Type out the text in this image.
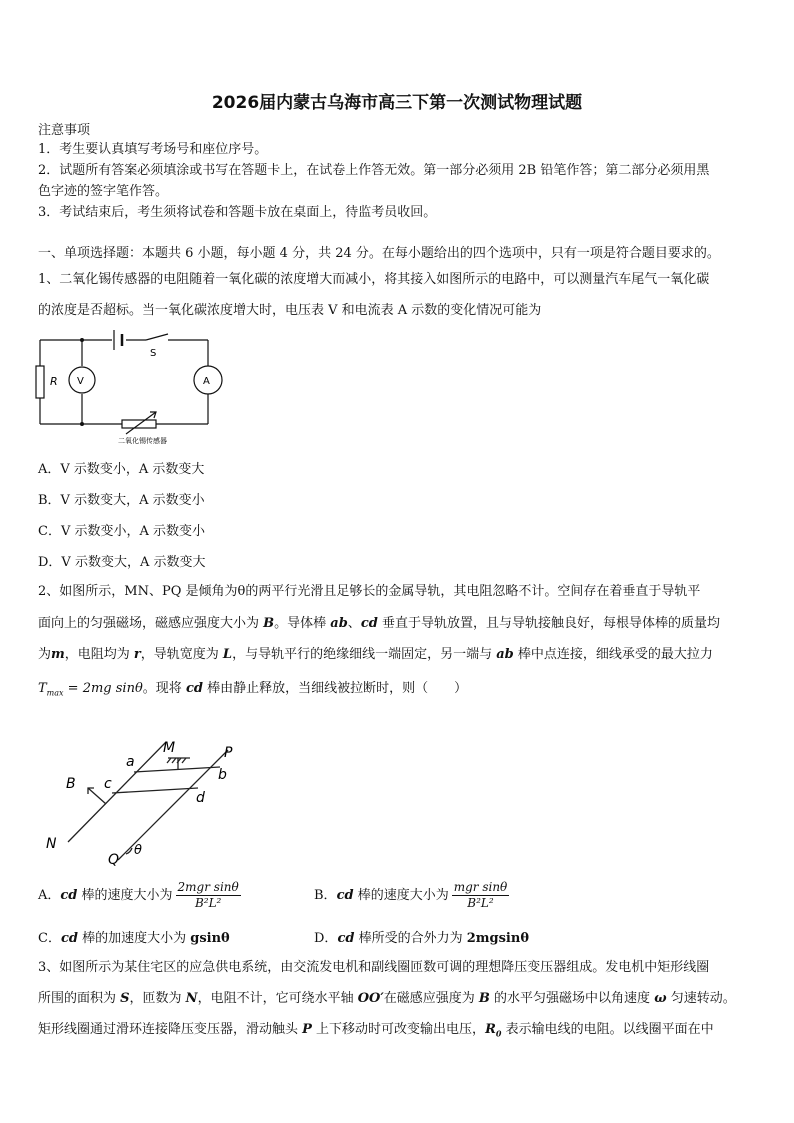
2026届内蒙古乌海市高三下第一次测试物理试题
注意事项
1．考生要认真填写考场号和座位序号。
2．试题所有答案必须填涂或书写在答题卡上，在试卷上作答无效。第一部分必须用 2B 铅笔作答；第二部分必须用黑
色字迹的签字笔作答。
3．考试结束后，考生须将试卷和答题卡放在桌面上，待监考员收回。
一、单项选择题：本题共 6 小题，每小题 4 分，共 24 分。在每小题给出的四个选项中，只有一项是符合题目要求的。
1、二氧化锡传感器的电阻随着一氧化碳的浓度增大而减小，将其接入如图所示的电路中，可以测量汽车尾气一氧化碳
的浓度是否超标。当一氧化碳浓度增大时，电压表 V 和电流表 A 示数的变化情况可能为
S
R V	A
二氧化锡传感器
A．V 示数变小，A 示数变大
B．V 示数变大，A 示数变小
C．V 示数变小，A 示数变小
D．V 示数变大，A 示数变大
2、如图所示，MN、PQ 是倾角为θ的两平行光滑且足够长的金属导轨，其电阻忽略不计。空间存在着垂直于导轨平
面向上的匀强磁场，磁感应强度大小为 B。导体棒 ab、cd 垂直于导轨放置，且与导轨接触良好，每根导体棒的质量均
为m，电阻均为 r，导轨宽度为 L，与导轨平行的绝缘细线一端固定，另一端与 ab 棒中点连接，细线承受的最大拉力
$T_{max} = 2mg$ sinθ。现将 cd 棒由静止释放，当细线被拉断时，则（　　）
M	P
a
b
c
d
B
N
Q
θ
A．cd 棒的速度大小为 $\frac{\text{2mgr sinθ}}{\text{B²L²}}$	B．cd 棒的速度大小为 $\frac{\text{mgr sinθ}}{\text{B²L²}}$
C．cd 棒的加速度大小为 gsinθ	D．cd 棒所受的合外力为 2mgsinθ
3、如图所示为某住宅区的应急供电系统，由交流发电机和副线圈匝数可调的理想降压变压器组成。发电机中矩形线圈
所围的面积为 S，匝数为 N，电阻不计，它可绕水平轴 OO′在磁感应强度为 B 的水平匀强磁场中以角速度 ω 匀速转动。
矩形线圈通过滑环连接降压变压器，滑动触头 P 上下移动时可改变输出电压，$R_0$ 表示输电线的电阻。以线圈平面在中
